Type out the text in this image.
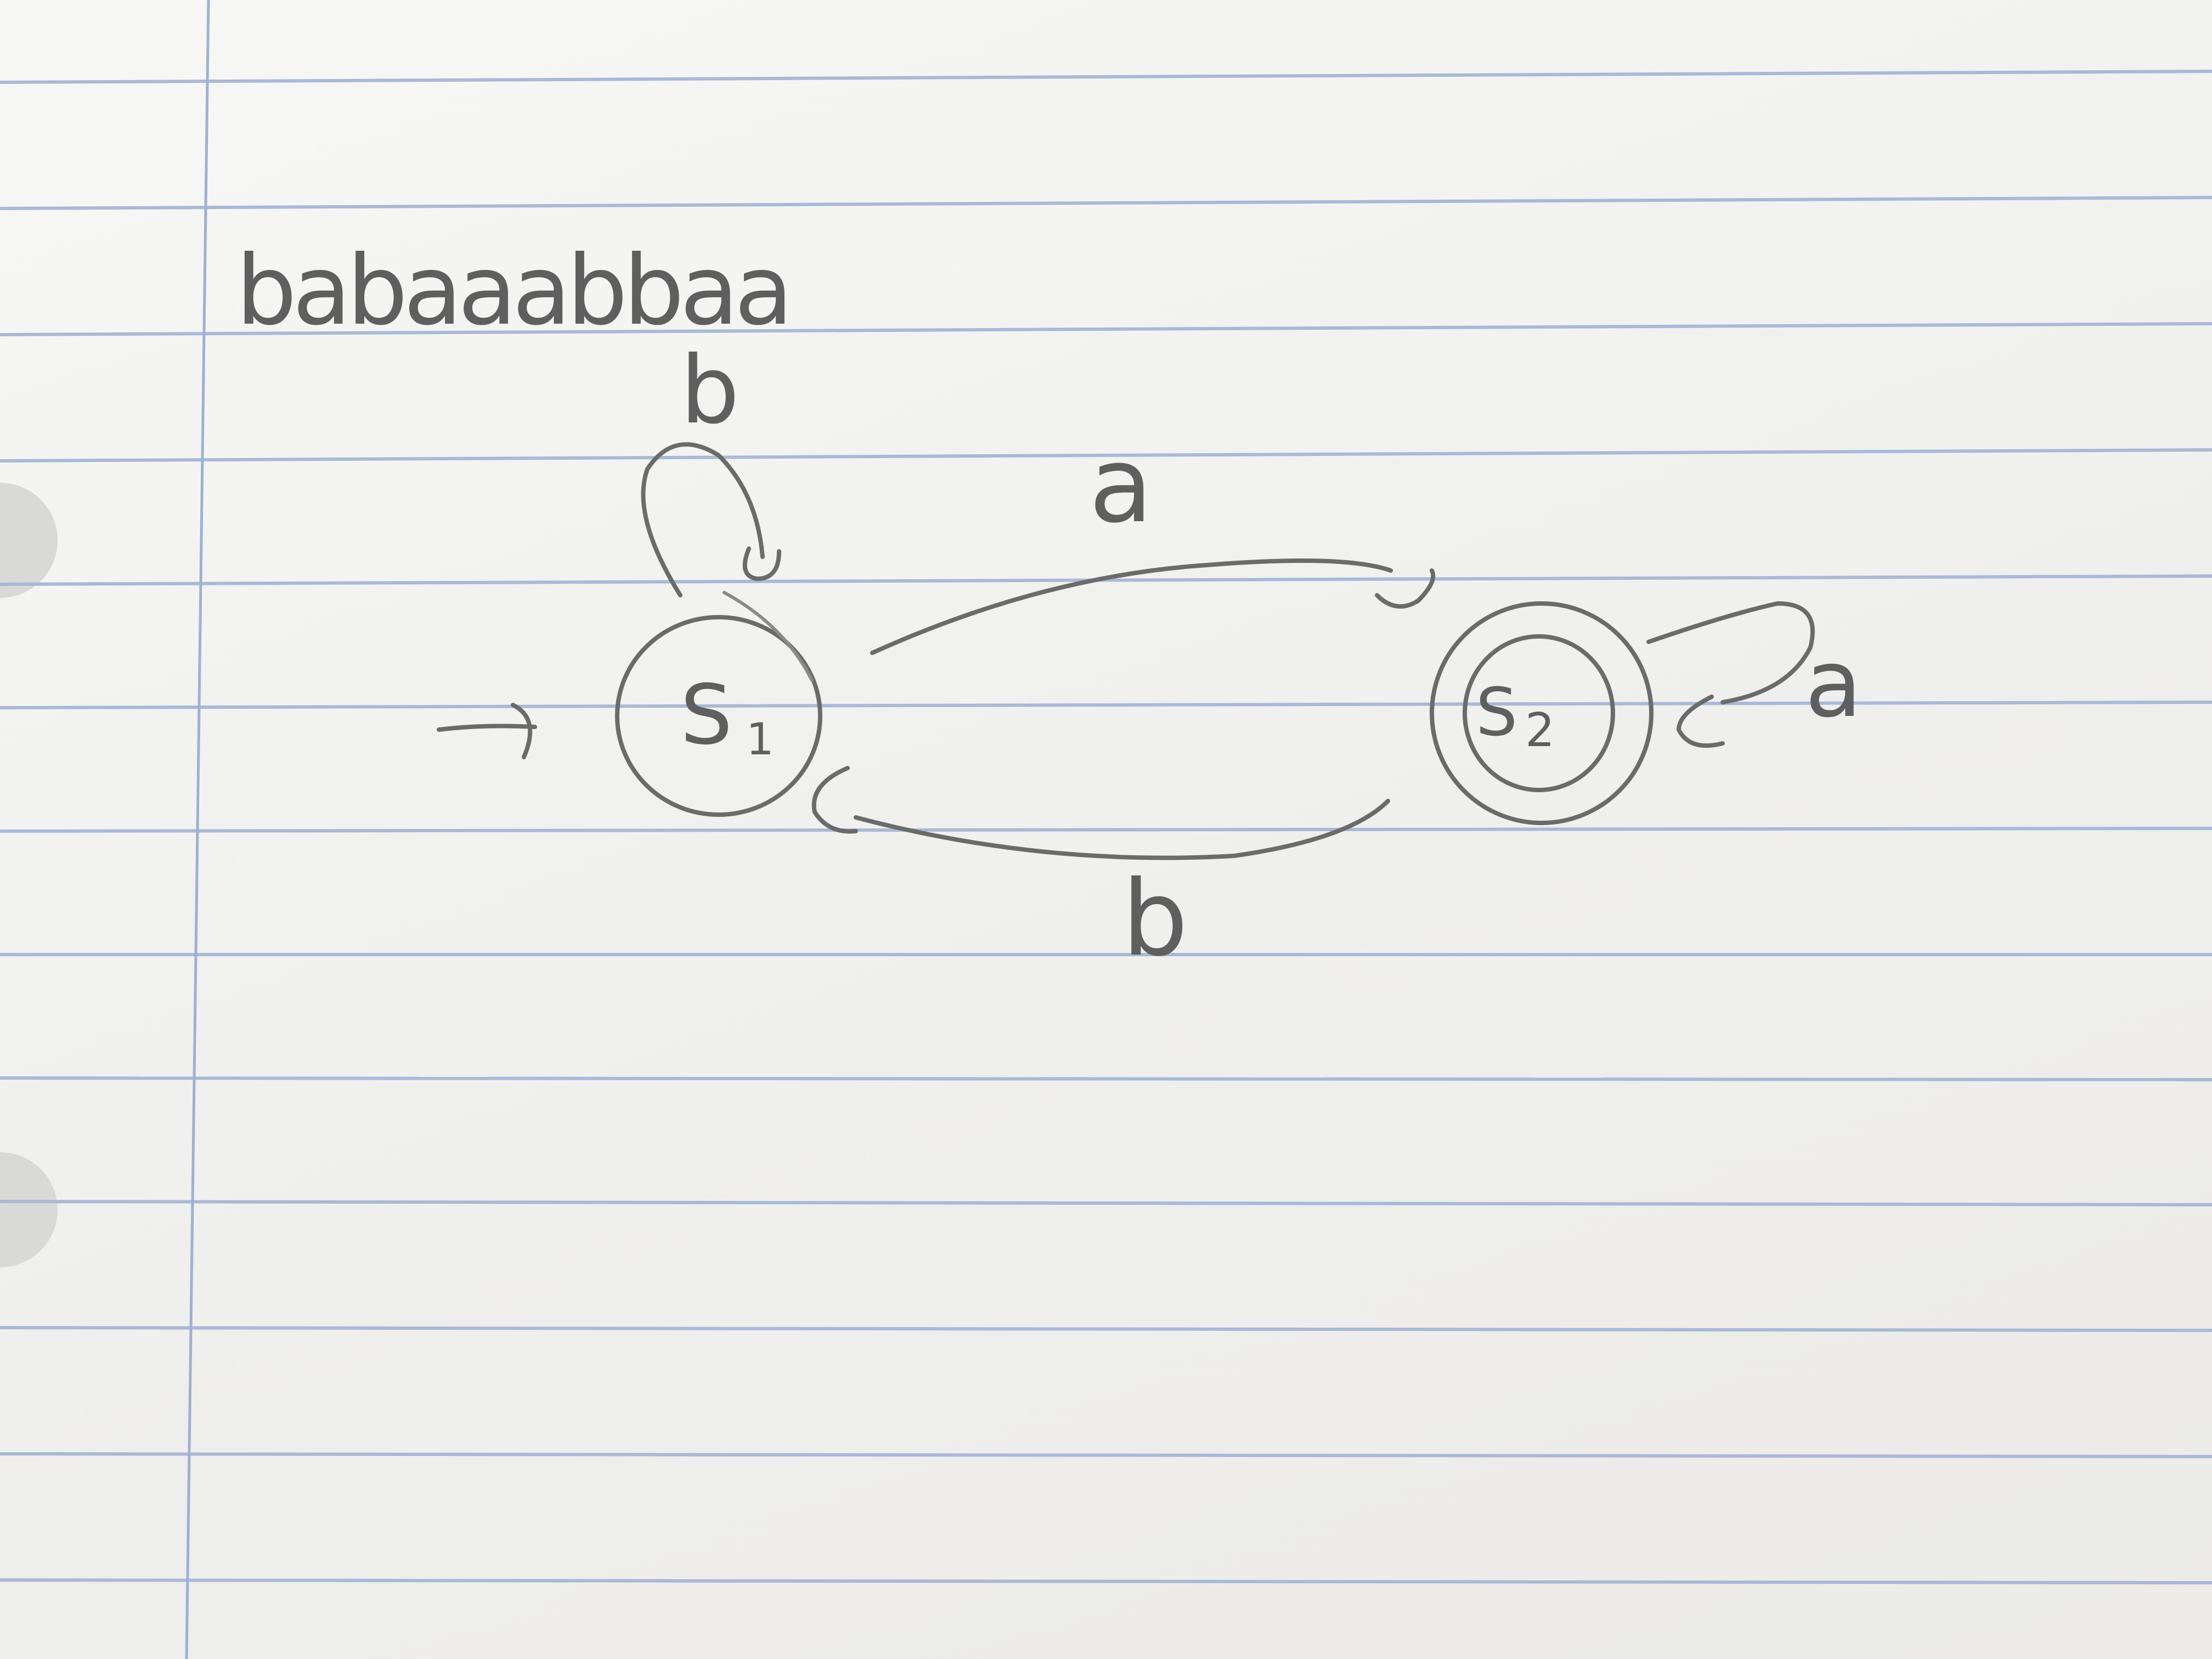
babaaabbaa
S 1	S 2
b
a
a
b
